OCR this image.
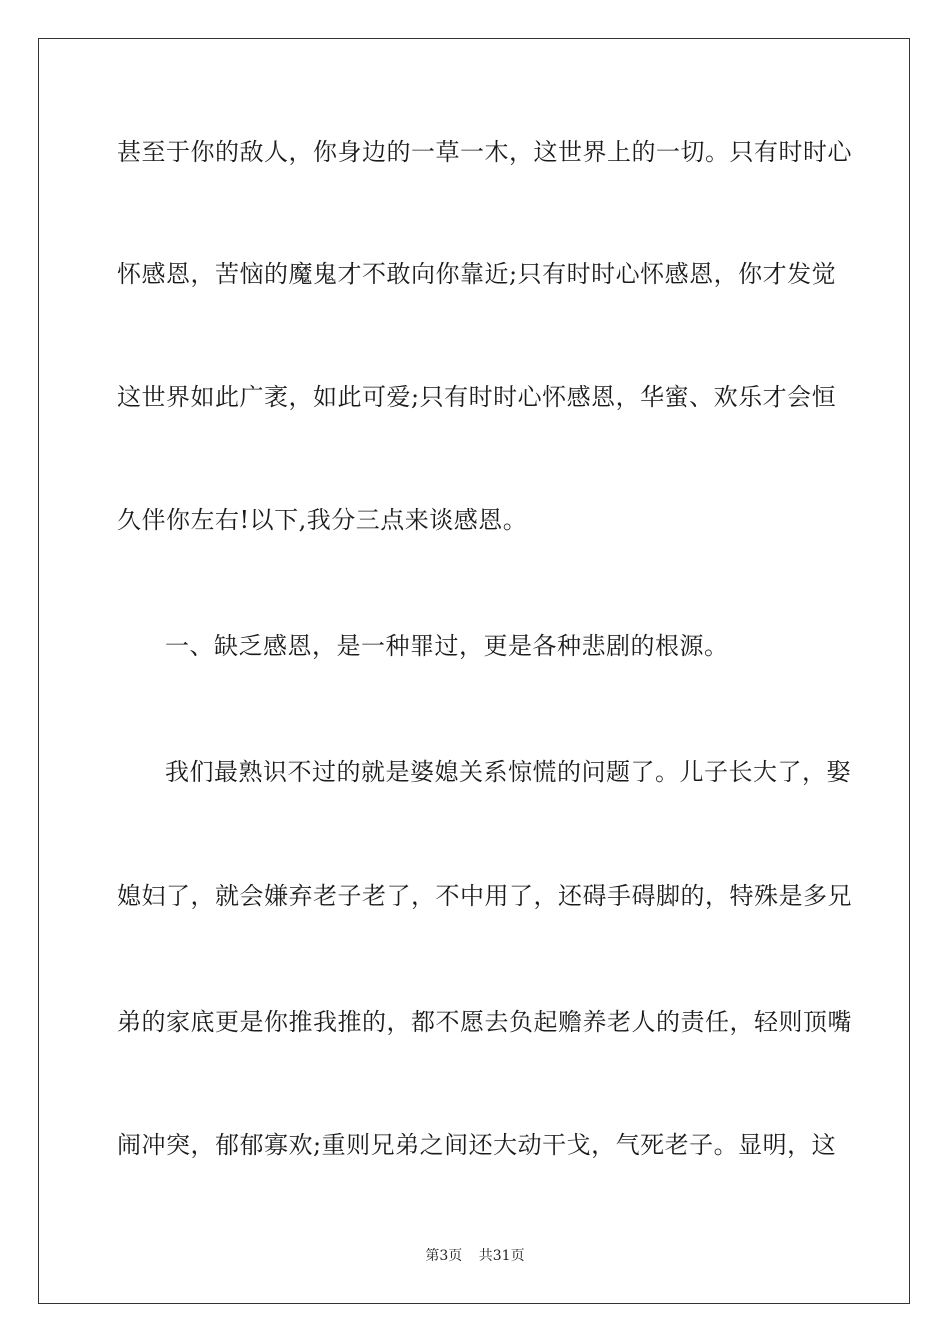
甚至于你的敌人，你身边的一草一木，这世界上的一切。只有时时心
怀感恩，苦恼的魔鬼才不敢向你靠近;只有时时心怀感恩，你才发觉
这世界如此广袤，如此可爱;只有时时心怀感恩，华蜜、欢乐才会恒
久伴你左右!以下,我分三点来谈感恩。
一、缺乏感恩，是一种罪过，更是各种悲剧的根源。
我们最熟识不过的就是婆媳关系惊慌的问题了。儿子长大了，娶
媳妇了，就会嫌弃老子老了，不中用了，还碍手碍脚的，特殊是多兄
弟的家底更是你推我推的，都不愿去负起赡养老人的责任，轻则顶嘴
闹冲突，郁郁寡欢;重则兄弟之间还大动干戈，气死老子。显明，这
第3页 共31页
